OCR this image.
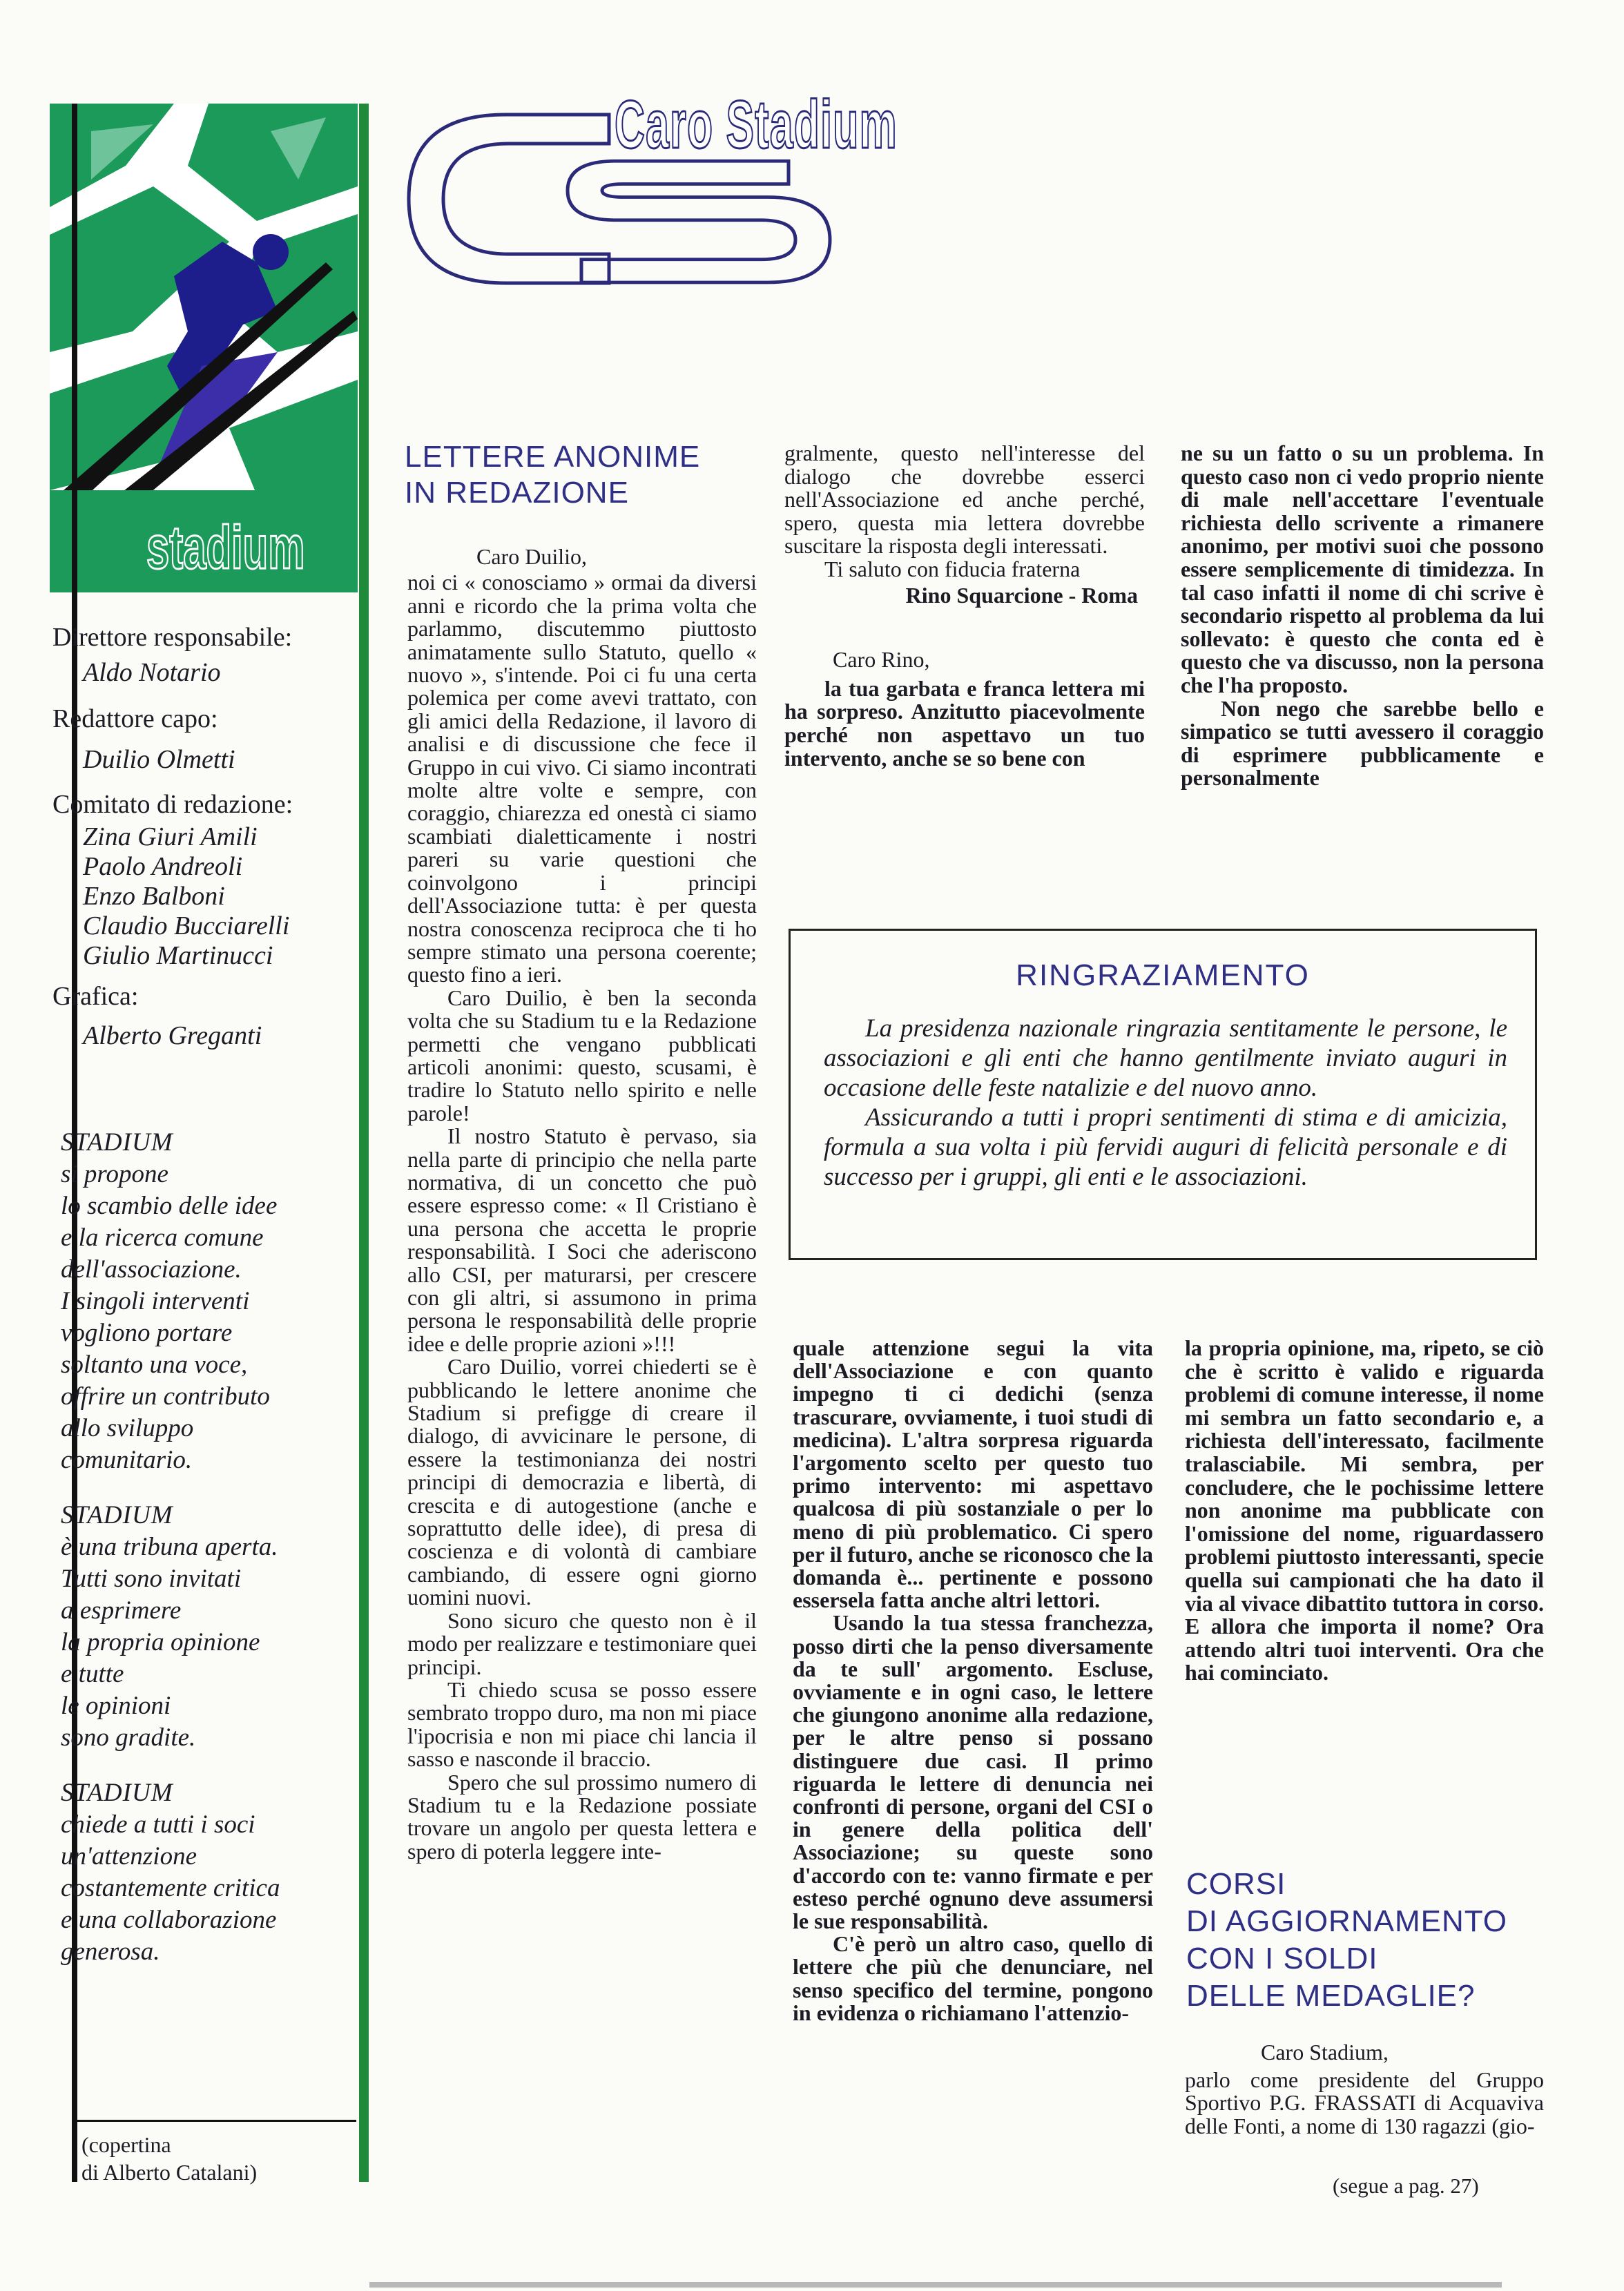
stadium
Direttore responsabile:
Aldo Notario
Redattore capo:
Duilio Olmetti
Comitato di redazione:
Zina Giuri Amili
Paolo Andreoli
Enzo Balboni
Claudio Bucciarelli
Giulio Martinucci
Grafica:
Alberto Greganti
STADIUM
si propone
lo scambio delle idee
e la ricerca comune
dell'associazione.
I singoli interventi
vogliono portare
soltanto una voce,
offrire un contributo
allo sviluppo
comunitario.
STADIUM
è una tribuna aperta.
Tutti sono invitati
a esprimere
la propria opinione
e tutte
le opinioni
sono gradite.
STADIUM
chiede a tutti i soci
un'attenzione
costantemente critica
e una collaborazione
generosa.
(copertina
di Alberto Catalani)
Caro Stadium
LETTERE ANONIME
IN REDAZIONE

Caro Duilio,

noi ci « conosciamo » ormai da diversi anni e ricordo che la prima volta che parlammo, discutemmo piuttosto animatamente sullo Statuto, quello « nuovo », s'intende. Poi ci fu una certa polemica per come avevi trattato, con gli amici della Redazione, il lavoro di analisi e di discussione che fece il Gruppo in cui vivo. Ci siamo incontrati molte altre volte e sempre, con coraggio, chiarezza ed onestà ci siamo scambiati dialetticamente i nostri pareri su varie questioni che coinvolgono i principi dell'Associazione tutta: è per questa nostra conoscenza reciproca che ti ho sempre stimato una persona coerente; questo fino a ieri.

Caro Duilio, è ben la seconda volta che su Stadium tu e la Redazione permetti che vengano pubblicati articoli anonimi: questo, scusami, è tradire lo Statuto nello spirito e nelle parole!

Il nostro Statuto è pervaso, sia nella parte di principio che nella parte normativa, di un concetto che può essere espresso come: « Il Cristiano è una persona che accetta le proprie responsabilità. I Soci che aderiscono allo CSI, per maturarsi, per crescere con gli altri, si assumono in prima persona le responsabilità delle proprie idee e delle proprie azioni »!!!

Caro Duilio, vorrei chiederti se è pubblicando le lettere anonime che Stadium si prefigge di creare il dialogo, di avvicinare le persone, di essere la testimonianza dei nostri principi di democrazia e libertà, di crescita e di autogestione (anche e soprattutto delle idee), di presa di coscienza e di volontà di cambiare cambiando, di essere ogni giorno uomini nuovi.

Sono sicuro che questo non è il modo per realizzare e testimoniare quei principi.

Ti chiedo scusa se posso essere sembrato troppo duro, ma non mi piace l'ipocrisia e non mi piace chi lancia il sasso e nasconde il braccio.

Spero che sul prossimo numero di Stadium tu e la Redazione possiate trovare un angolo per questa lettera e spero di poterla leggere inte-

gralmente, questo nell'interesse del dialogo che dovrebbe esserci nell'Associazione ed anche perché, spero, questa mia lettera dovrebbe suscitare la risposta degli interessati.

Ti saluto con fiducia fraterna

Rino Squarcione - Roma

Caro Rino,

la tua garbata e franca lettera mi ha sorpreso. Anzitutto piacevolmente perché non aspettavo un tuo intervento, anche se so bene con

ne su un fatto o su un problema. In questo caso non ci vedo proprio niente di male nell'accettare l'eventuale richiesta dello scrivente a rimanere anonimo, per motivi suoi che possono essere semplicemente di timidezza. In tal caso infatti il nome di chi scrive è secondario rispetto al problema da lui sollevato: è questo che conta ed è questo che va discusso, non la persona che l'ha proposto.

Non nego che sarebbe bello e simpatico se tutti avessero il coraggio di esprimere pubblicamente e personalmente

RINGRAZIAMENTO

La presidenza nazionale ringrazia sentitamente le persone, le associazioni e gli enti che hanno gentilmente inviato auguri in occasione delle feste natalizie e del nuovo anno.

Assicurando a tutti i propri sentimenti di stima e di amicizia, formula a sua volta i più fervidi auguri di felicità personale e di successo per i gruppi, gli enti e le associazioni.

quale attenzione segui la vita dell'Associazione e con quanto impegno ti ci dedichi (senza trascurare, ovviamente, i tuoi studi di medicina). L'altra sorpresa riguarda l'argomento scelto per questo tuo primo intervento: mi aspettavo qualcosa di più sostanziale o per lo meno di più problematico. Ci spero per il futuro, anche se riconosco che la domanda è... pertinente e possono essersela fatta anche altri lettori.

Usando la tua stessa franchezza, posso dirti che la penso diversamente da te sull' argomento. Escluse, ovviamente e in ogni caso, le lettere che giungono anonime alla redazione, per le altre penso si possano distinguere due casi. Il primo riguarda le lettere di denuncia nei confronti di persone, organi del CSI o in genere della politica dell' Associazione; su queste sono d'accordo con te: vanno firmate e per esteso perché ognuno deve assumersi le sue responsabilità.

C'è però un altro caso, quello di lettere che più che denunciare, nel senso specifico del termine, pongono in evidenza o richiamano l'attenzio-

la propria opinione, ma, ripeto, se ciò che è scritto è valido e riguarda problemi di comune interesse, il nome mi sembra un fatto secondario e, a richiesta dell'interessato, facilmente tralasciabile. Mi sembra, per concludere, che le pochissime lettere non anonime ma pubblicate con l'omissione del nome, riguardassero problemi piuttosto interessanti, specie quella sui campionati che ha dato il via al vivace dibattito tuttora in corso. E allora che importa il nome? Ora attendo altri tuoi interventi. Ora che hai cominciato.

CORSI
DI AGGIORNAMENTO
CON I SOLDI
DELLE MEDAGLIE?

Caro Stadium,

parlo come presidente del Gruppo Sportivo P.G. FRASSATI di Acquaviva delle Fonti, a nome di 130 ragazzi (gio-

(segue a pag. 27)
